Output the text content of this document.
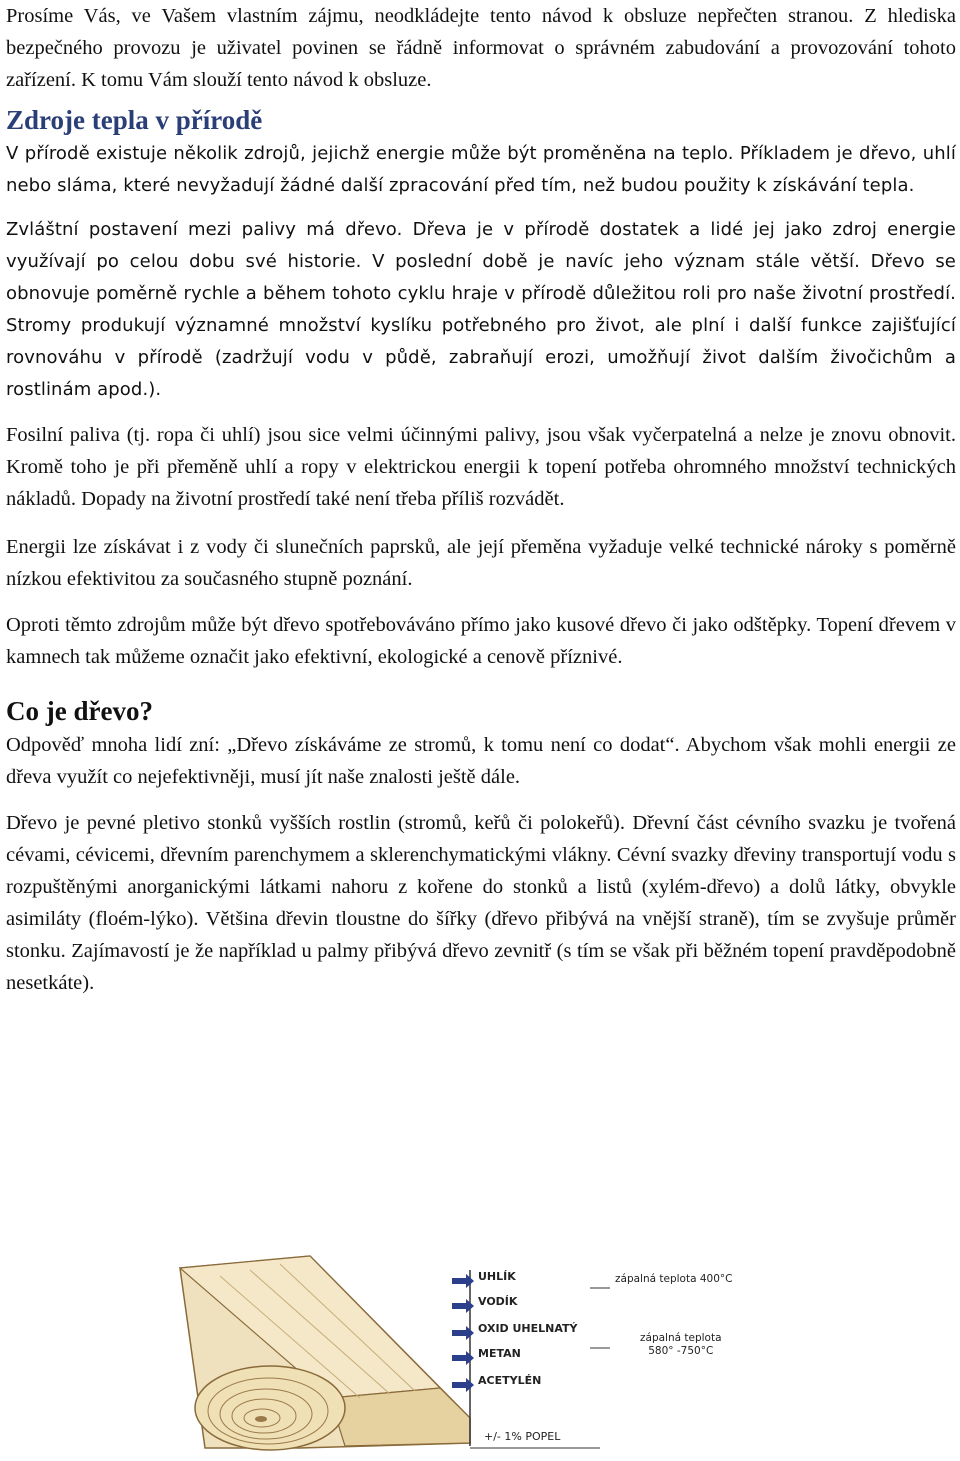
Prosíme Vás, ve Vašem vlastním zájmu, neodkládejte tento návod k obsluze nepřečten stranou. Z hlediska bezpečného provozu je uživatel povinen se řádně informovat o správném zabudování a provozování tohoto zařízení. K tomu Vám slouží tento návod k obsluze.

Zdroje tepla v přírodě

V přírodě existuje několik zdrojů, jejichž energie může být proměněna na teplo. Příkladem je dřevo, uhlí nebo sláma, které nevyžadují žádné další zpracování před tím, než budou použity k získávání tepla.

Zvláštní postavení mezi palivy má dřevo. Dřeva je v přírodě dostatek a lidé jej jako zdroj energie využívají po celou dobu své historie. V poslední době je navíc jeho význam stále větší. Dřevo se obnovuje poměrně rychle a během tohoto cyklu hraje v přírodě důležitou roli pro naše životní prostředí. Stromy produkují významné množství kyslíku potřebného pro život, ale plní i další funkce zajišťující rovnováhu v přírodě (zadržují vodu v půdě, zabraňují erozi, umožňují život dalším živočichům a rostlinám apod.).

Fosilní paliva (tj. ropa či uhlí) jsou sice velmi účinnými palivy, jsou však vyčerpatelná a nelze je znovu obnovit. Kromě toho je při přeměně uhlí a ropy v elektrickou energii k topení potřeba ohromného množství technických nákladů. Dopady na životní prostředí také není třeba příliš rozvádět.

Energii lze získávat i z vody či slunečních paprsků, ale její přeměna vyžaduje velké technické nároky s poměrně nízkou efektivitou za současného stupně poznání.

Oproti těmto zdrojům může být dřevo spotřebováváno přímo jako kusové dřevo či jako odštěpky. Topení dřevem v kamnech tak můžeme označit jako efektivní, ekologické a cenově příznivé.

Co je dřevo?

Odpověď mnoha lidí zní: „Dřevo získáváme ze stromů, k tomu není co dodat“. Abychom však mohli energii ze dřeva využít co nejefektivněji, musí jít naše znalosti ještě dále.

Dřevo je pevné pletivo stonků vyšších rostlin (stromů, keřů či polokeřů). Dřevní část cévního svazku je tvořená cévami, cévicemi, dřevním parenchymem a sklerenchymatickými vlákny. Cévní svazky dřeviny transportují vodu s rozpuštěnými anorganickými látkami nahoru z kořene do stonků a listů (xylém-dřevo) a dolů látky, obvykle asimiláty (floém-lýko). Většina dřevin tloustne do šířky (dřevo přibývá na vnější straně), tím se zvyšuje průměr stonku. Zajímavostí je že například u palmy přibývá dřevo zevnitř (s tím se však při běžném topení pravděpodobně nesetkáte).

UHLÍK
VODÍK
OXID UHELNATÝ
METAN
ACETYLÉN
+/- 1% POPEL
zápalná teplota 400°C
zápalná teplota
580° -750°C
